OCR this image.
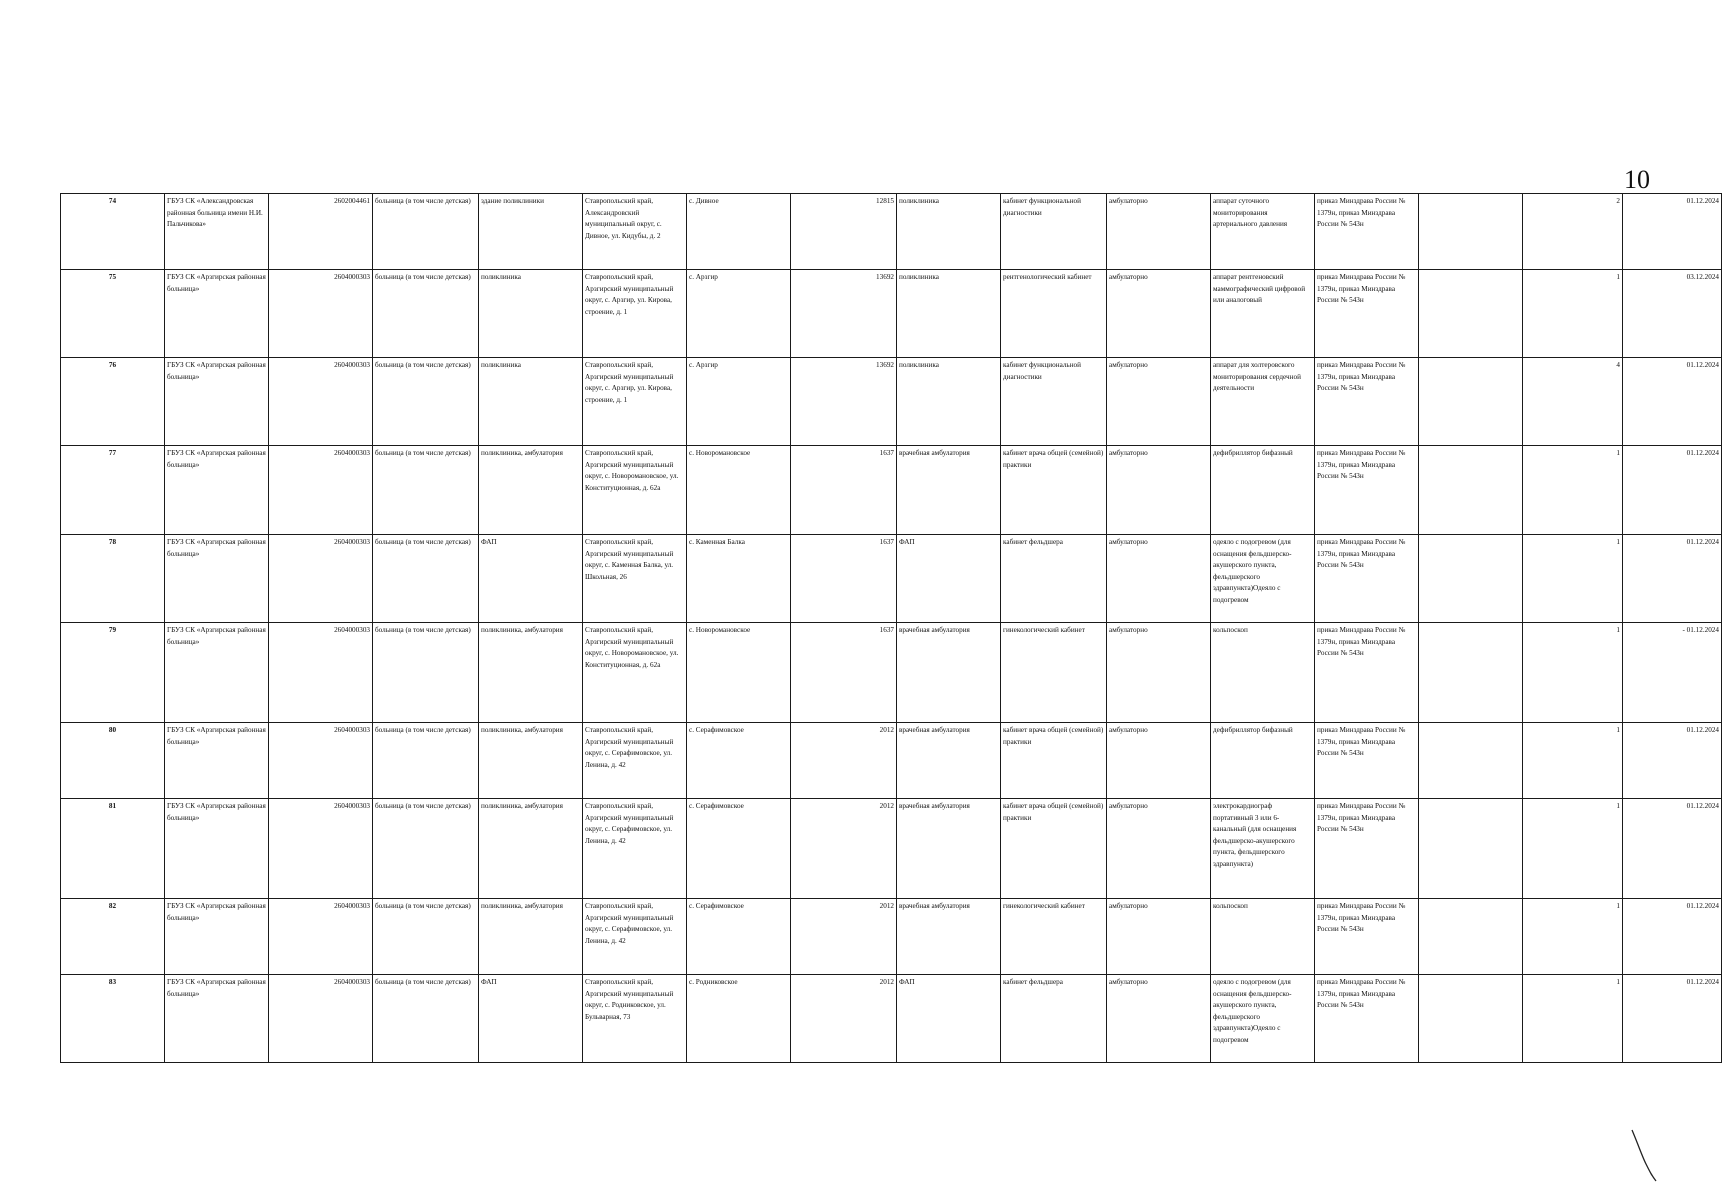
10
74	ГБУЗ СК «Александровская районная больница имени Н.И. Пальчикова»	2602004461	больница (в том числе детская)	здание поликлиники	Ставропольский край, Александровский муниципальный округ, с. Дивное, ул. Кидубы, д. 2	с. Дивное	12815	поликлиника	кабинет функциональной диагностики	амбулаторно	аппарат суточного мониторирования артериального давления	приказ Минздрава России № 1379н, приказ Минздрава России № 543н		2	01.12.2024
75	ГБУЗ СК «Арзгирская районная больница»	2604000303	больница (в том числе детская)	поликлиника	Ставропольский край, Арзгирский муниципальный округ, с. Арзгир, ул. Кирова, строение, д. 1	с. Арзгир	13692	поликлиника	рентгенологический кабинет	амбулаторно	аппарат рентгеновский маммографический цифровой или аналоговый	приказ Минздрава России № 1379н, приказ Минздрава России № 543н		1	03.12.2024
76	ГБУЗ СК «Арзгирская районная больница»	2604000303	больница (в том числе детская)	поликлиника	Ставропольский край, Арзгирский муниципальный округ, с. Арзгир, ул. Кирова, строение, д. 1	с. Арзгир	13692	поликлиника	кабинет функциональной диагностики	амбулаторно	аппарат для холтеровского мониторирования сердечной деятельности	приказ Минздрава России № 1379н, приказ Минздрава России № 543н		4	01.12.2024
77	ГБУЗ СК «Арзгирская районная больница»	2604000303	больница (в том числе детская)	поликлиника, амбулатория	Ставропольский край, Арзгирский муниципальный округ, с. Новоромановское, ул. Конституционная, д. 62а	с. Новоромановское	1637	врачебная амбулатория	кабинет врача общей (семейной) практики	амбулаторно	дефибриллятор бифазный	приказ Минздрава России № 1379н, приказ Минздрава России № 543н		1	01.12.2024
78	ГБУЗ СК «Арзгирская районная больница»	2604000303	больница (в том числе детская)	ФАП	Ставропольский край, Арзгирский муниципальный округ, с. Каменная Балка, ул. Школьная, 26	с. Каменная Балка	1637	ФАП	кабинет фельдшера	амбулаторно	одеяло с подогревом (для оснащения фельдшерско-акушерского пункта, фельдшерского здравпункта)Одеяло с подогревом	приказ Минздрава России № 1379н, приказ Минздрава России № 543н		1	01.12.2024
79	ГБУЗ СК «Арзгирская районная больница»	2604000303	больница (в том числе детская)	поликлиника, амбулатория	Ставропольский край, Арзгирский муниципальный округ, с. Новоромановское, ул. Конституционная, д. 62а	с. Новоромановское	1637	врачебная амбулатория	гинекологический кабинет	амбулаторно	кольпоскоп	приказ Минздрава России № 1379н, приказ Минздрава России № 543н		1	- 01.12.2024
80	ГБУЗ СК «Арзгирская районная больница»	2604000303	больница (в том числе детская)	поликлиника, амбулатория	Ставропольский край, Арзгирский муниципальный округ, с. Серафимовское, ул. Ленина, д. 42	с. Серафимовское	2012	врачебная амбулатория	кабинет врача общей (семейной) практики	амбулаторно	дефибриллятор бифазный	приказ Минздрава России № 1379н, приказ Минздрава России № 543н		1	01.12.2024
81	ГБУЗ СК «Арзгирская районная больница»	2604000303	больница (в том числе детская)	поликлиника, амбулатория	Ставропольский край, Арзгирский муниципальный округ, с. Серафимовское, ул. Ленина, д. 42	с. Серафимовское	2012	врачебная амбулатория	кабинет врача общей (семейной) практики	амбулаторно	электрокардиограф портативный 3 или 6-канальный (для оснащения фельдшерско-акушерского пункта, фельдшерского здравпункта)	приказ Минздрава России № 1379н, приказ Минздрава России № 543н		1	01.12.2024
82	ГБУЗ СК «Арзгирская районная больница»	2604000303	больница (в том числе детская)	поликлиника, амбулатория	Ставропольский край, Арзгирский муниципальный округ, с. Серафимовское, ул. Ленина, д. 42	с. Серафимовское	2012	врачебная амбулатория	гинекологический кабинет	амбулаторно	кольпоскоп	приказ Минздрава России № 1379н, приказ Минздрава России № 543н		1	01.12.2024
83	ГБУЗ СК «Арзгирская районная больница»	2604000303	больница (в том числе детская)	ФАП	Ставропольский край, Арзгирский муниципальный округ, с. Родниковское, ул. Бульварная, 73	с. Родниковское	2012	ФАП	кабинет фельдшера	амбулаторно	одеяло с подогревом (для оснащения фельдшерско-акушерского пункта, фельдшерского здравпункта)Одеяло с подогревом	приказ Минздрава России № 1379н, приказ Минздрава России № 543н		1	01.12.2024
